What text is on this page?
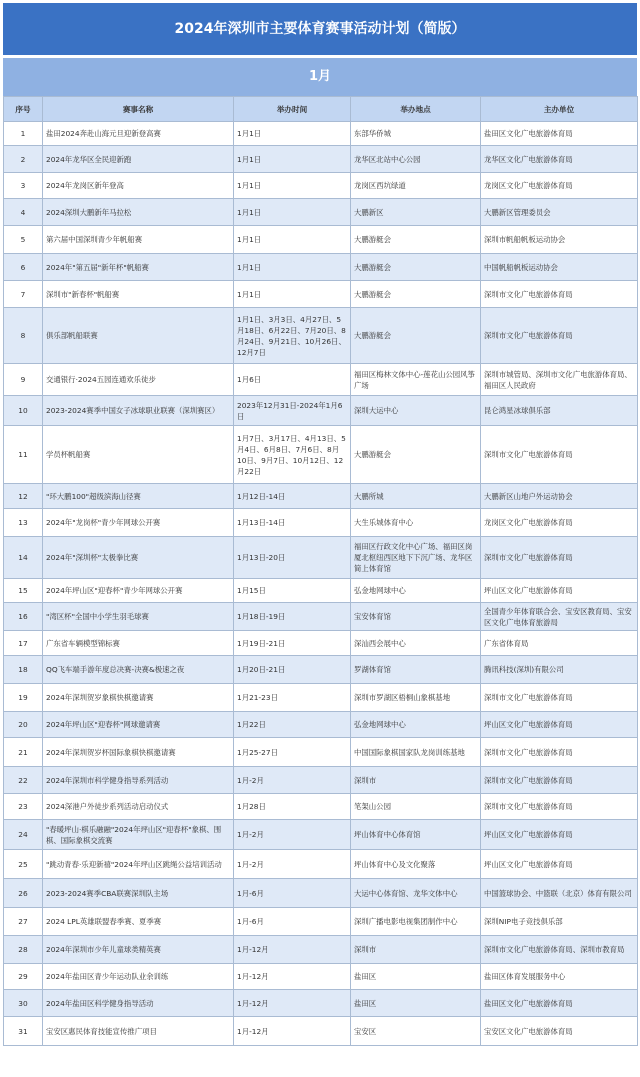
2024年深圳市主要体育赛事活动计划（简版）
1月
序号	赛事名称	举办时间	举办地点	主办单位
1	盐田2024奔赴山海元旦迎新登高赛	1月1日	东部华侨城	盐田区文化广电旅游体育局
2	2024年龙华区全民迎新跑	1月1日	龙华区北站中心公园	龙华区文化广电旅游体育局
3	2024年龙岗区新年登高	1月1日	龙岗区西坑绿道	龙岗区文化广电旅游体育局
4	2024深圳大鹏新年马拉松	1月1日	大鹏新区	大鹏新区管理委员会
5	第六届中国深圳青少年帆船赛	1月1日	大鹏游艇会	深圳市帆船帆板运动协会
6	2024年"第五届"新年杯"帆船赛	1月1日	大鹏游艇会	中国帆船帆板运动协会
7	深圳市"新春杯"帆船赛	1月1日	大鹏游艇会	深圳市文化广电旅游体育局
8	俱乐部帆船联赛	1月1日、3月3日、4月27日、5月18日、6月22日、7月20日、8月24日、9月21日、10月26日、12月7日	大鹏游艇会	深圳市文化广电旅游体育局
9	交通银行·2024五园连通欢乐徒步	1月6日	福田区梅林文体中心-莲花山公园风筝广场	深圳市城管局、深圳市文化广电旅游体育局、福田区人民政府
10	2023-2024赛季中国女子冰球职业联赛（深圳赛区）	2023年12月31日-2024年1月6日	深圳大运中心	昆仑鸿星冰球俱乐部
11	学员杯帆船赛	1月7日、3月17日、4月13日、5月4日、6月8日、7月6日、8月10日、9月7日、10月12日、12月22日	大鹏游艇会	深圳市文化广电旅游体育局
12	"环大鹏100"超级滨海山径赛	1月12日-14日	大鹏所城	大鹏新区山地户外运动协会
13	2024年"龙岗杯"青少年网球公开赛	1月13日-14日	大生乐城体育中心	龙岗区文化广电旅游体育局
14	2024年"深圳杯"太极拳比赛	1月13日-20日	福田区行政文化中心广场、福田区岗厦北枢纽西区地下下沉广场、龙华区简上体育馆	深圳市文化广电旅游体育局
15	2024年坪山区"迎春杯"青少年网球公开赛	1月15日	弘金地网球中心	坪山区文化广电旅游体育局
16	"湾区杯"全国中小学生羽毛球赛	1月18日-19日	宝安体育馆	全国青少年体育联合会、宝安区教育局、宝安区文化广电体育旅游局
17	广东省车辆模型锦标赛	1月19日-21日	深汕西会展中心	广东省体育局
18	QQ飞车端手游年度总决赛-决赛&极速之夜	1月20日-21日	罗湖体育馆	腾讯科技(深圳)有限公司
19	2024年深圳贺岁象棋快棋邀请赛	1月21-23日	深圳市罗湖区梧桐山象棋基地	深圳市文化广电旅游体育局
20	2024年坪山区"迎春杯"网球邀请赛	1月22日	弘金地网球中心	坪山区文化广电旅游体育局
21	2024年深圳贺岁杯国际象棋快棋邀请赛	1月25-27日	中国国际象棋国家队龙岗训练基地	深圳市文化广电旅游体育局
22	2024年深圳市科学健身指导系列活动	1月-2月	深圳市	深圳市文化广电旅游体育局
23	2024深港户外徒步系列活动启动仪式	1月28日	笔架山公园	深圳市文化广电旅游体育局
24	"春暖坪山·棋乐融融"2024年坪山区"迎春杯"象棋、围棋、国际象棋交流赛	1月-2月	坪山体育中心体育馆	坪山区文化广电旅游体育局
25	"跳动青春·乐迎新禧"2024年坪山区跳绳公益培训活动	1月-2月	坪山体育中心及文化聚落	坪山区文化广电旅游体育局
26	2023-2024赛季CBA联赛深圳队主场	1月-6月	大运中心体育馆、龙华文体中心	中国篮球协会、中篮联（北京）体育有限公司
27	2024 LPL英雄联盟春季赛、夏季赛	1月-6月	深圳广播电影电视集团制作中心	深圳NIP电子竞技俱乐部
28	2024年深圳市少年儿童球类精英赛	1月-12月	深圳市	深圳市文化广电旅游体育局、深圳市教育局
29	2024年盐田区青少年运动队业余训练	1月-12月	盐田区	盐田区体育发展服务中心
30	2024年盐田区科学健身指导活动	1月-12月	盐田区	盐田区文化广电旅游体育局
31	宝安区惠民体育技能宣传推广项目	1月-12月	宝安区	宝安区文化广电旅游体育局
